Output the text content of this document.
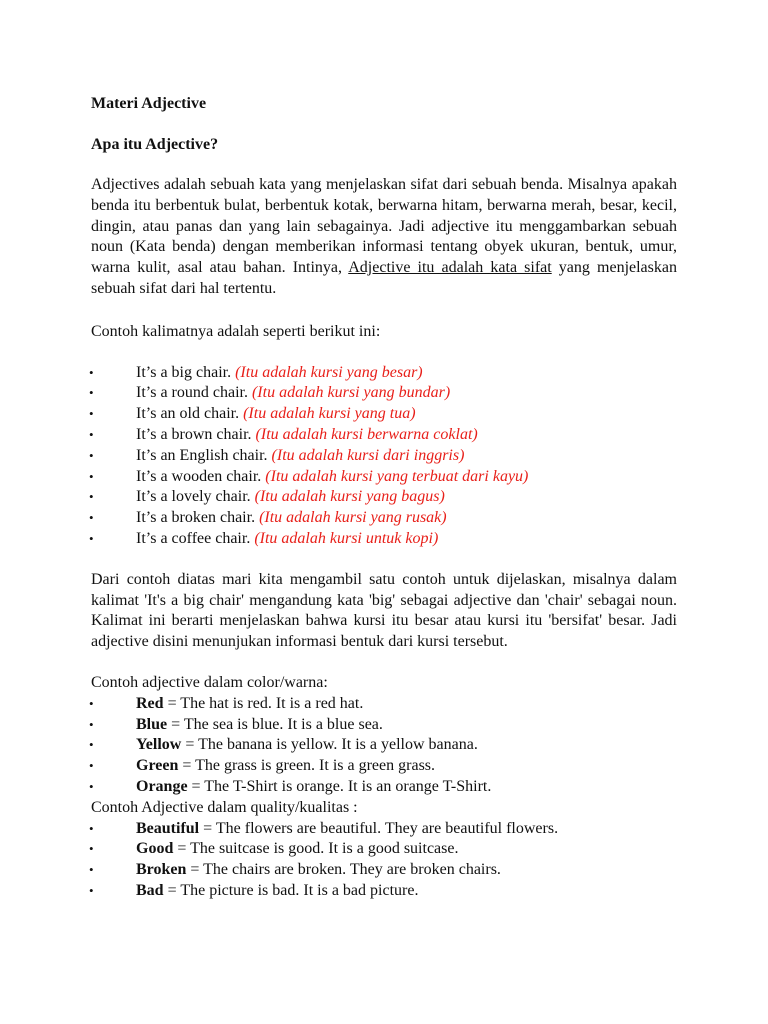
Materi Adjective

Apa itu Adjective?

Adjectives adalah sebuah kata yang menjelaskan sifat dari sebuah benda. Misalnya apakah benda itu berbentuk bulat, berbentuk kotak, berwarna hitam, berwarna merah, besar, kecil, dingin, atau panas dan yang lain sebagainya. Jadi adjective itu menggambarkan sebuah noun (Kata benda) dengan memberikan informasi tentang obyek ukuran, bentuk, umur, warna kulit, asal atau bahan. Intinya, Adjective itu adalah kata sifat yang menjelaskan sebuah sifat dari hal tertentu.

Contoh kalimatnya adalah seperti berikut ini:

•	It’s a big chair. (Itu adalah kursi yang besar)
•	It’s a round chair. (Itu adalah kursi yang bundar)
•	It’s an old chair. (Itu adalah kursi yang tua)
•	It’s a brown chair. (Itu adalah kursi berwarna coklat)
•	It’s an English chair. (Itu adalah kursi dari inggris)
•	It’s a wooden chair. (Itu adalah kursi yang terbuat dari kayu)
•	It’s a lovely chair. (Itu adalah kursi yang bagus)
•	It’s a broken chair. (Itu adalah kursi yang rusak)
•	It’s a coffee chair. (Itu adalah kursi untuk kopi)

Dari contoh diatas mari kita mengambil satu contoh untuk dijelaskan, misalnya dalam kalimat 'It's a big chair' mengandung kata 'big' sebagai adjective dan 'chair' sebagai noun. Kalimat ini berarti menjelaskan bahwa kursi itu besar atau kursi itu 'bersifat' besar. Jadi adjective disini menunjukan informasi bentuk dari kursi tersebut.

Contoh adjective dalam color/warna:

•	Red = The hat is red. It is a red hat.
•	Blue = The sea is blue. It is a blue sea.
•	Yellow = The banana is yellow. It is a yellow banana.
•	Green = The grass is green. It is a green grass.
•	Orange = The T-Shirt is orange. It is an orange T-Shirt.

Contoh Adjective dalam quality/kualitas :

•	Beautiful = The flowers are beautiful. They are beautiful flowers.
•	Good = The suitcase is good. It is a good suitcase.
•	Broken = The chairs are broken. They are broken chairs.
•	Bad = The picture is bad. It is a bad picture.
